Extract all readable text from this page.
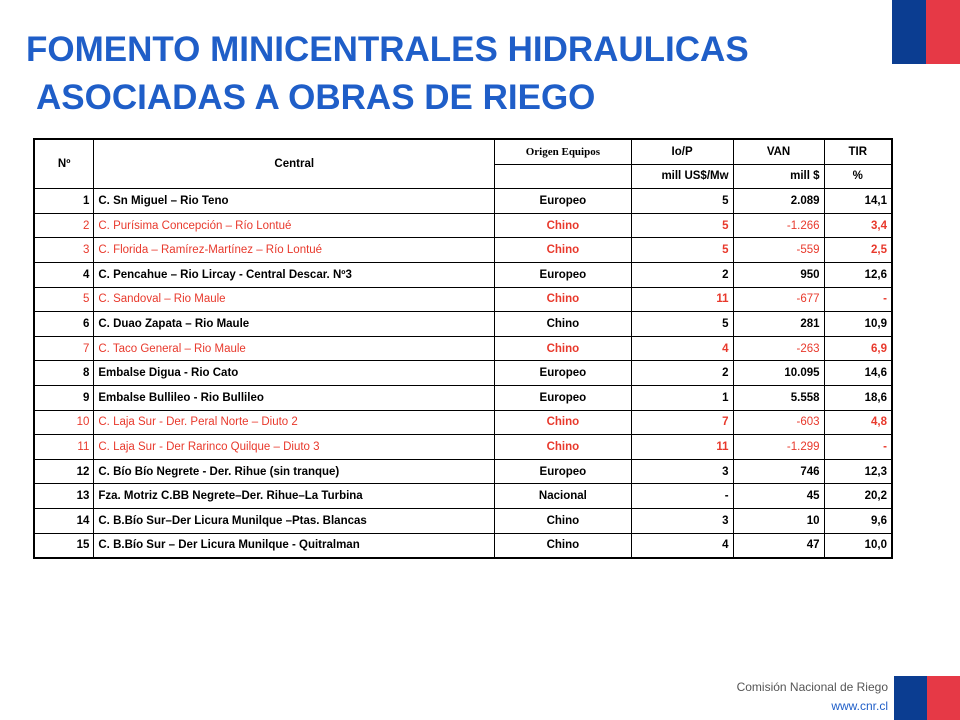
FOMENTO MINICENTRALES HIDRAULICAS
ASOCIADAS A OBRAS DE RIEGO
Nº	Central	Origen Equipos	Io/P	VAN	TIR
			mill US$/Mw	mill $	%
1	C. Sn Miguel – Rio Teno	Europeo	5	2.089	14,1
2	C. Purísima Concepción – Río Lontué	Chino	5	-1.266	3,4
3	C. Florida – Ramírez-Martínez – Río Lontué	Chino	5	-559	2,5
4	C. Pencahue – Rio Lircay - Central Descar. Nº3	Europeo	2	950	12,6
5	C. Sandoval – Rio Maule	Chino	11	-677	-
6	C. Duao Zapata – Rio Maule	Chino	5	281	10,9
7	C. Taco General – Rio Maule	Chino	4	-263	6,9
8	Embalse Digua - Rio Cato	Europeo	2	10.095	14,6
9	Embalse Bullileo - Rio Bullileo	Europeo	1	5.558	18,6
10	C. Laja Sur - Der. Peral Norte – Diuto 2	Chino	7	-603	4,8
11	C. Laja Sur - Der Rarinco Quilque – Diuto 3	Chino	11	-1.299	-
12	C. Bío Bío Negrete - Der. Rihue (sin tranque)	Europeo	3	746	12,3
13	Fza. Motriz C.BB Negrete–Der. Rihue–La Turbina	Nacional	-	45	20,2
14	C. B.Bío Sur–Der Licura Munilque –Ptas. Blancas	Chino	3	10	9,6
15	C. B.Bío Sur – Der Licura Munilque - Quitralman	Chino	4	47	10,0
Comisión Nacional de Riego
www.cnr.cl
